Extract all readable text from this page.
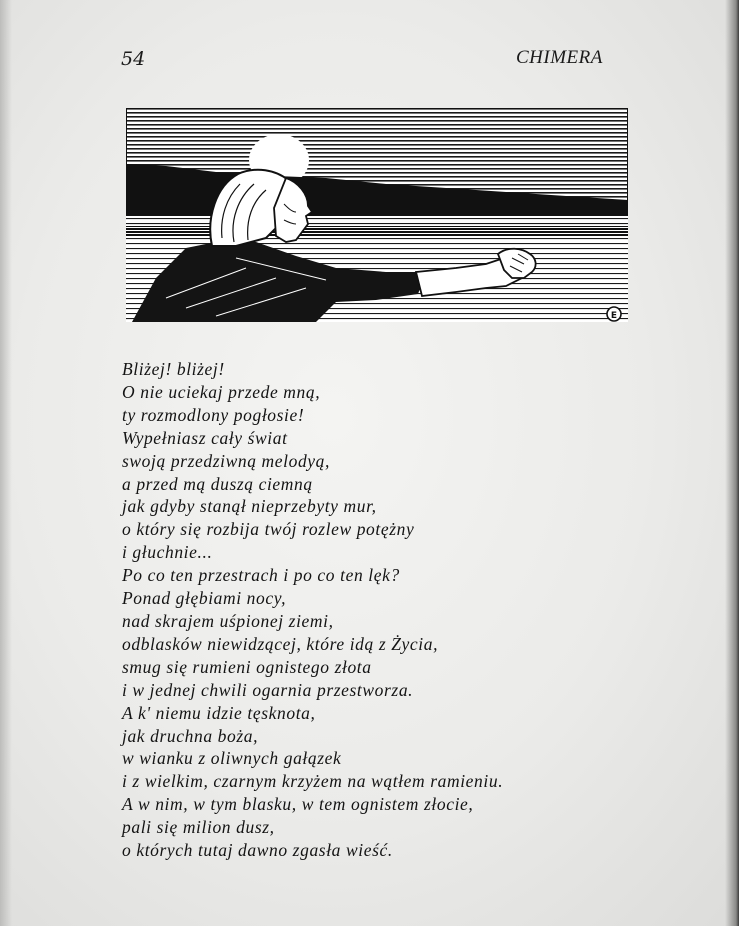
54	CHIMERA
E
Bliżej! bliżej!
O nie uciekaj przede mną,
ty rozmodlony pogłosie!
Wypełniasz cały świat
swoją przedziwną melodyą,
a przed mą duszą ciemną
jak gdyby stanął nieprzebyty mur,
o który się rozbija twój rozlew potężny
i głuchnie...
Po co ten przestrach i po co ten lęk?
Ponad głębiami nocy,
nad skrajem uśpionej ziemi,
odblasków niewidzącej, które idą z Życia,
smug się rumieni ognistego złota
i w jednej chwili ogarnia przestworza.
A k' niemu idzie tęsknota,
jak druchna boża,
w wianku z oliwnych gałązek
i z wielkim, czarnym krzyżem na wątłem ramieniu.
A w nim, w tym blasku, w tem ognistem złocie,
pali się milion dusz,
o których tutaj dawno zgasła wieść.
